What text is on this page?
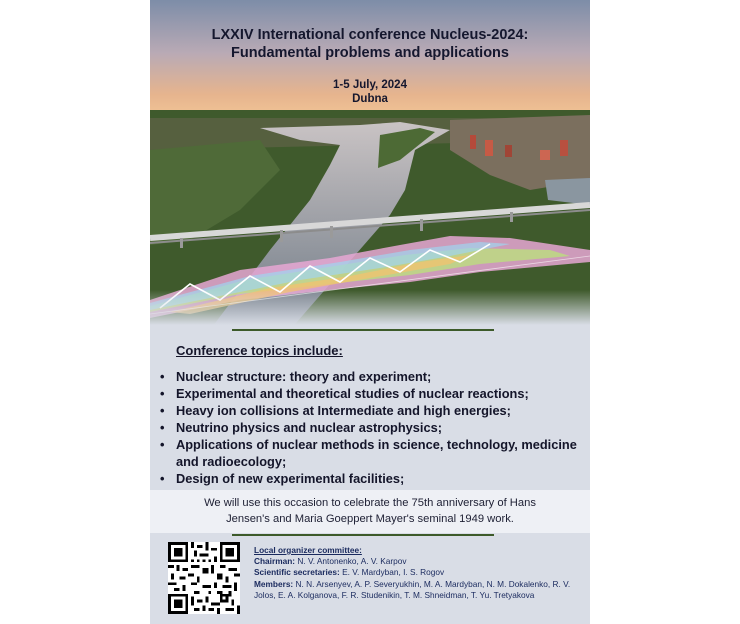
LXXIV International conference Nucleus-2024:
Fundamental problems and applications
1-5 July, 2024
Dubna
Conference topics include:
• Nuclear structure: theory and experiment;
• Experimental and theoretical studies of nuclear reactions;
• Heavy ion collisions at Intermediate and high energies;
• Neutrino physics and nuclear astrophysics;
• Applications of nuclear methods in science, technology, medicine and radioecology;
• Design of new experimental facilities;
We will use this occasion to celebrate the 75th anniversary of Hans
Jensen's and Maria Goeppert Mayer's seminal 1949 work.
Local organizer committee:
Chairman: N. V. Antonenko, A. V. Karpov
Scientific secretaries: E. V. Mardyban, I. S. Rogov
Members: N. N. Arsenyev, A. P. Severyukhin, M. A. Mardyban, N. M. Dokalenko, R. V. Jolos, E. A. Kolganova, F. R. Studenikin, T. M. Shneidman, T. Yu. Tretyakova
